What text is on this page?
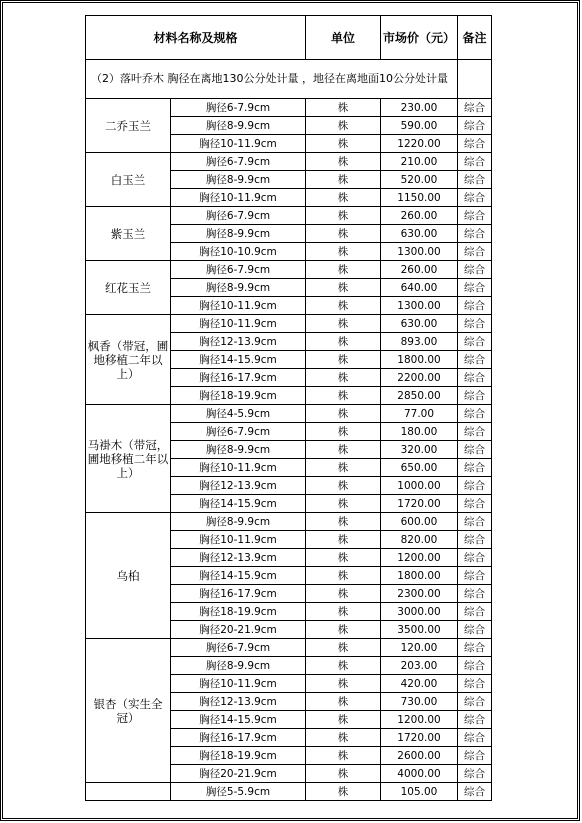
材料名称及规格		单位	市场价（元）	备注
（2）落叶乔木 胸径在离地130公分处计量 ，地径在离地面10公分处计量				
二乔玉兰	胸径6-7.9cm	株	230.00	综合
	胸径8-9.9cm	株	590.00	综合
	胸径10-11.9cm	株	1220.00	综合
白玉兰	胸径6-7.9cm	株	210.00	综合
	胸径8-9.9cm	株	520.00	综合
	胸径10-11.9cm	株	1150.00	综合
紫玉兰	胸径6-7.9cm	株	260.00	综合
	胸径8-9.9cm	株	630.00	综合
	胸径10-10.9cm	株	1300.00	综合
红花玉兰	胸径6-7.9cm	株	260.00	综合
	胸径8-9.9cm	株	640.00	综合
	胸径10-11.9cm	株	1300.00	综合
枫香（带冠，圃地移植二年以上）	胸径10-11.9cm	株	630.00	综合
	胸径12-13.9cm	株	893.00	综合
	胸径14-15.9cm	株	1800.00	综合
	胸径16-17.9cm	株	2200.00	综合
	胸径18-19.9cm	株	2850.00	综合
马褂木（带冠，圃地移植二年以上）	胸径4-5.9cm	株	77.00	综合
	胸径6-7.9cm	株	180.00	综合
	胸径8-9.9cm	株	320.00	综合
	胸径10-11.9cm	株	650.00	综合
	胸径12-13.9cm	株	1000.00	综合
	胸径14-15.9cm	株	1720.00	综合
乌桕	胸径8-9.9cm	株	600.00	综合
	胸径10-11.9cm	株	820.00	综合
	胸径12-13.9cm	株	1200.00	综合
	胸径14-15.9cm	株	1800.00	综合
	胸径16-17.9cm	株	2300.00	综合
	胸径18-19.9cm	株	3000.00	综合
	胸径20-21.9cm	株	3500.00	综合
银杏（实生全冠）	胸径6-7.9cm	株	120.00	综合
	胸径8-9.9cm	株	203.00	综合
	胸径10-11.9cm	株	420.00	综合
	胸径12-13.9cm	株	730.00	综合
	胸径14-15.9cm	株	1200.00	综合
	胸径16-17.9cm	株	1720.00	综合
	胸径18-19.9cm	株	2600.00	综合
	胸径20-21.9cm	株	4000.00	综合
	胸径5-5.9cm	株	105.00	综合
